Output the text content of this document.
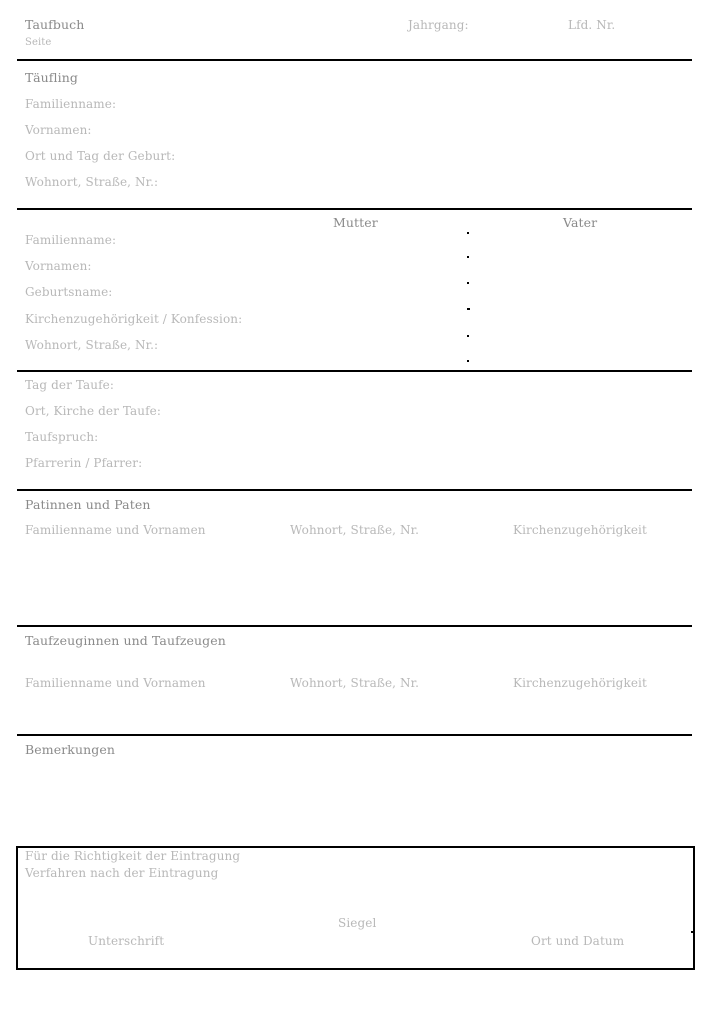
Taufbuch
Seite
Jahrgang:	Lfd. Nr.
Täufling
Familienname:
Vornamen:
Ort und Tag der Geburt:
Wohnort, Straße, Nr.:
Mutter	Vater
Familienname:
Vornamen:
Geburtsname:
Kirchenzugehörigkeit / Konfession:
Wohnort, Straße, Nr.:
Tag der Taufe:
Ort, Kirche der Taufe:
Taufspruch:
Pfarrerin / Pfarrer:
Patinnen und Paten
Familienname und Vornamen	Wohnort, Straße, Nr.	Kirchenzugehörigkeit
Taufzeuginnen und Taufzeugen
Familienname und Vornamen	Wohnort, Straße, Nr.	Kirchenzugehörigkeit
Bemerkungen
Für die Richtigkeit der Eintragung
Verfahren nach der Eintragung
Siegel
Unterschrift	Ort und Datum
